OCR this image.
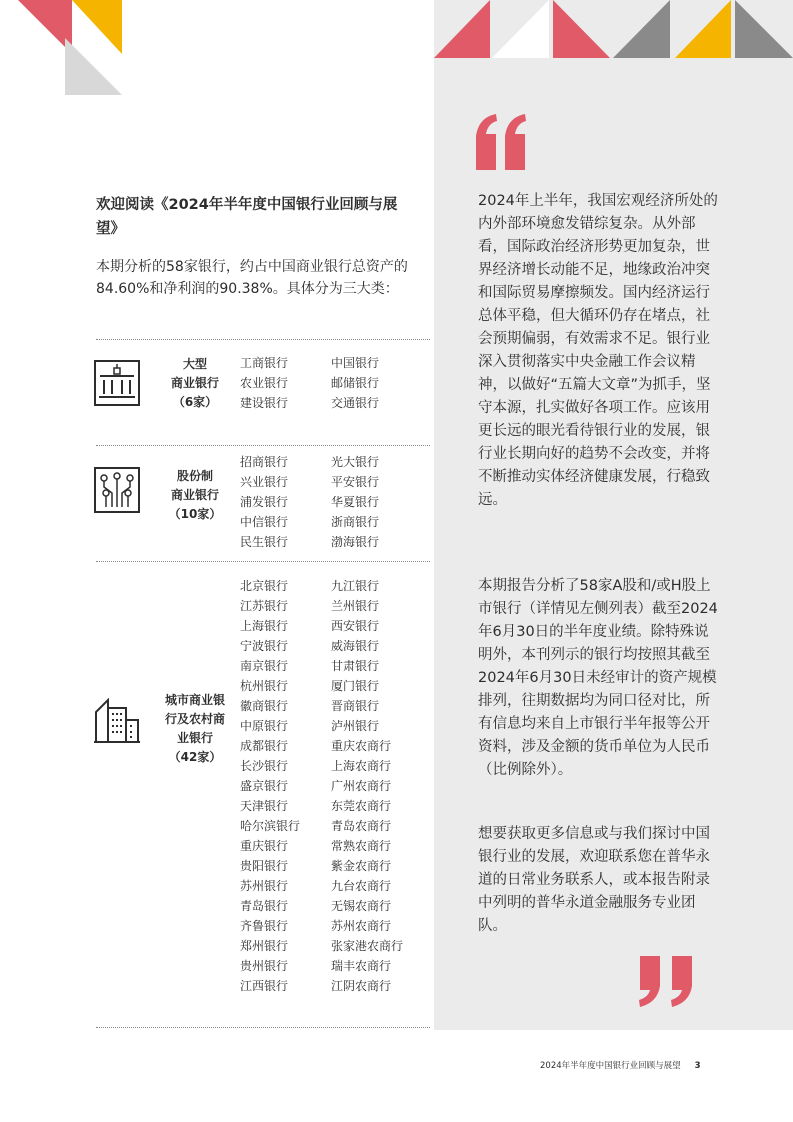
欢迎阅读《2024年半年度中国银行业回顾与展望》
本期分析的58家银行，约占中国商业银行总资产的84.60%和净利润的90.38%。具体分为三大类：
大型
商业银行
（6家）
工商银行
农业银行
建设银行
中国银行
邮储银行
交通银行
股份制
商业银行
（10家）
招商银行
兴业银行
浦发银行
中信银行
民生银行
光大银行
平安银行
华夏银行
浙商银行
渤海银行
城市商业银
行及农村商
业银行
（42家）
北京银行
江苏银行
上海银行
宁波银行
南京银行
杭州银行
徽商银行
中原银行
成都银行
长沙银行
盛京银行
天津银行
哈尔滨银行
重庆银行
贵阳银行
苏州银行
青岛银行
齐鲁银行
郑州银行
贵州银行
江西银行
九江银行
兰州银行
西安银行
威海银行
甘肃银行
厦门银行
晋商银行
泸州银行
重庆农商行
上海农商行
广州农商行
东莞农商行
青岛农商行
常熟农商行
紫金农商行
九台农商行
无锡农商行
苏州农商行
张家港农商行
瑞丰农商行
江阴农商行
2024年上半年，我国宏观经济所处的内外部环境愈发错综复杂。从外部看，国际政治经济形势更加复杂，世界经济增长动能不足，地缘政治冲突和国际贸易摩擦频发。国内经济运行总体平稳，但大循环仍存在堵点，社会预期偏弱，有效需求不足。银行业深入贯彻落实中央金融工作会议精神，以做好“五篇大文章”为抓手，坚守本源，扎实做好各项工作。应该用更长远的眼光看待银行业的发展，银行业长期向好的趋势不会改变，并将不断推动实体经济健康发展，行稳致远。
本期报告分析了58家A股和/或H股上市银行（详情见左侧列表）截至2024年6月30日的半年度业绩。除特殊说明外，本刊列示的银行均按照其截至2024年6月30日未经审计的资产规模排列，往期数据均为同口径对比，所有信息均来自上市银行半年报等公开资料，涉及金额的货币单位为人民币（比例除外）。
想要获取更多信息或与我们探讨中国银行业的发展，欢迎联系您在普华永道的日常业务联系人，或本报告附录中列明的普华永道金融服务专业团队。
2024年半年度中国银行业回顾与展望 3
